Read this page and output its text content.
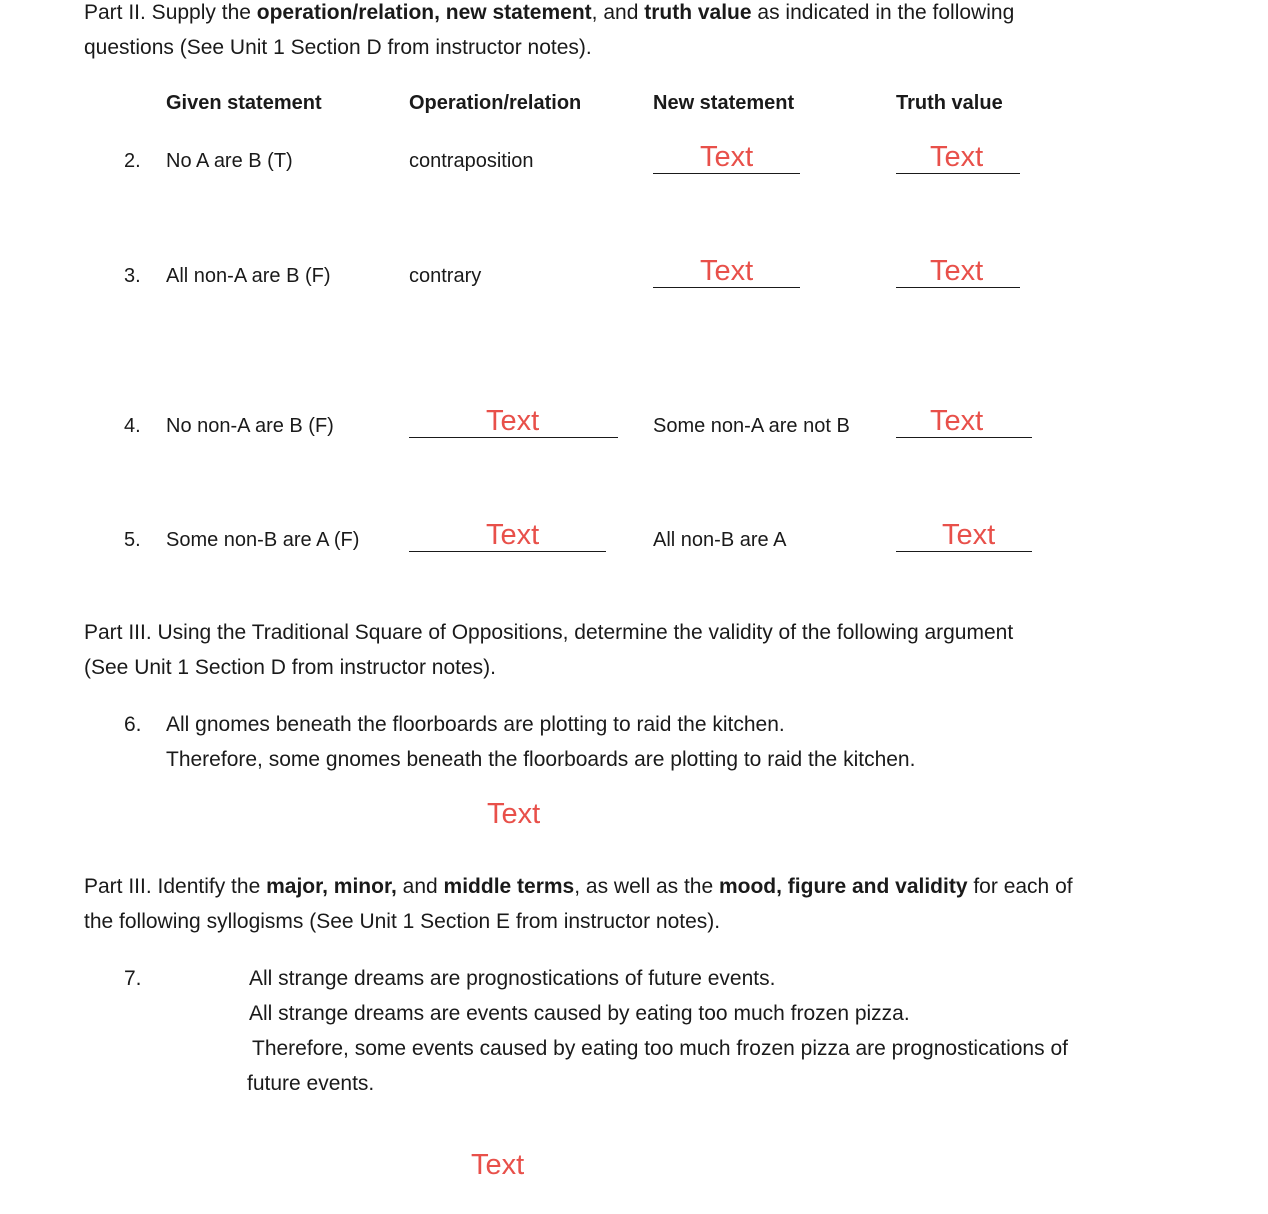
Part II. Supply the operation/relation, new statement, and truth value as indicated in the following
questions (See Unit 1 Section D from instructor notes).
Given statement	Operation/relation	New statement	Truth value
2. No A are B (T)	contraposition	Text	Text
3. All non-A are B (F)	contrary	Text	Text
4. No non-A are B (F)	Text	Some non-A are not B	Text
5. Some non-B are A (F)	Text	All non-B are A	Text
Part III. Using the Traditional Square of Oppositions, determine the validity of the following argument
(See Unit 1 Section D from instructor notes).
6. All gnomes beneath the floorboards are plotting to raid the kitchen.
Therefore, some gnomes beneath the floorboards are plotting to raid the kitchen.
Text
Part III. Identify the major, minor, and middle terms, as well as the mood, figure and validity for each of
the following syllogisms (See Unit 1 Section E from instructor notes).
7.	All strange dreams are prognostications of future events.
All strange dreams are events caused by eating too much frozen pizza.
Therefore, some events caused by eating too much frozen pizza are prognostications of
future events.
Text
